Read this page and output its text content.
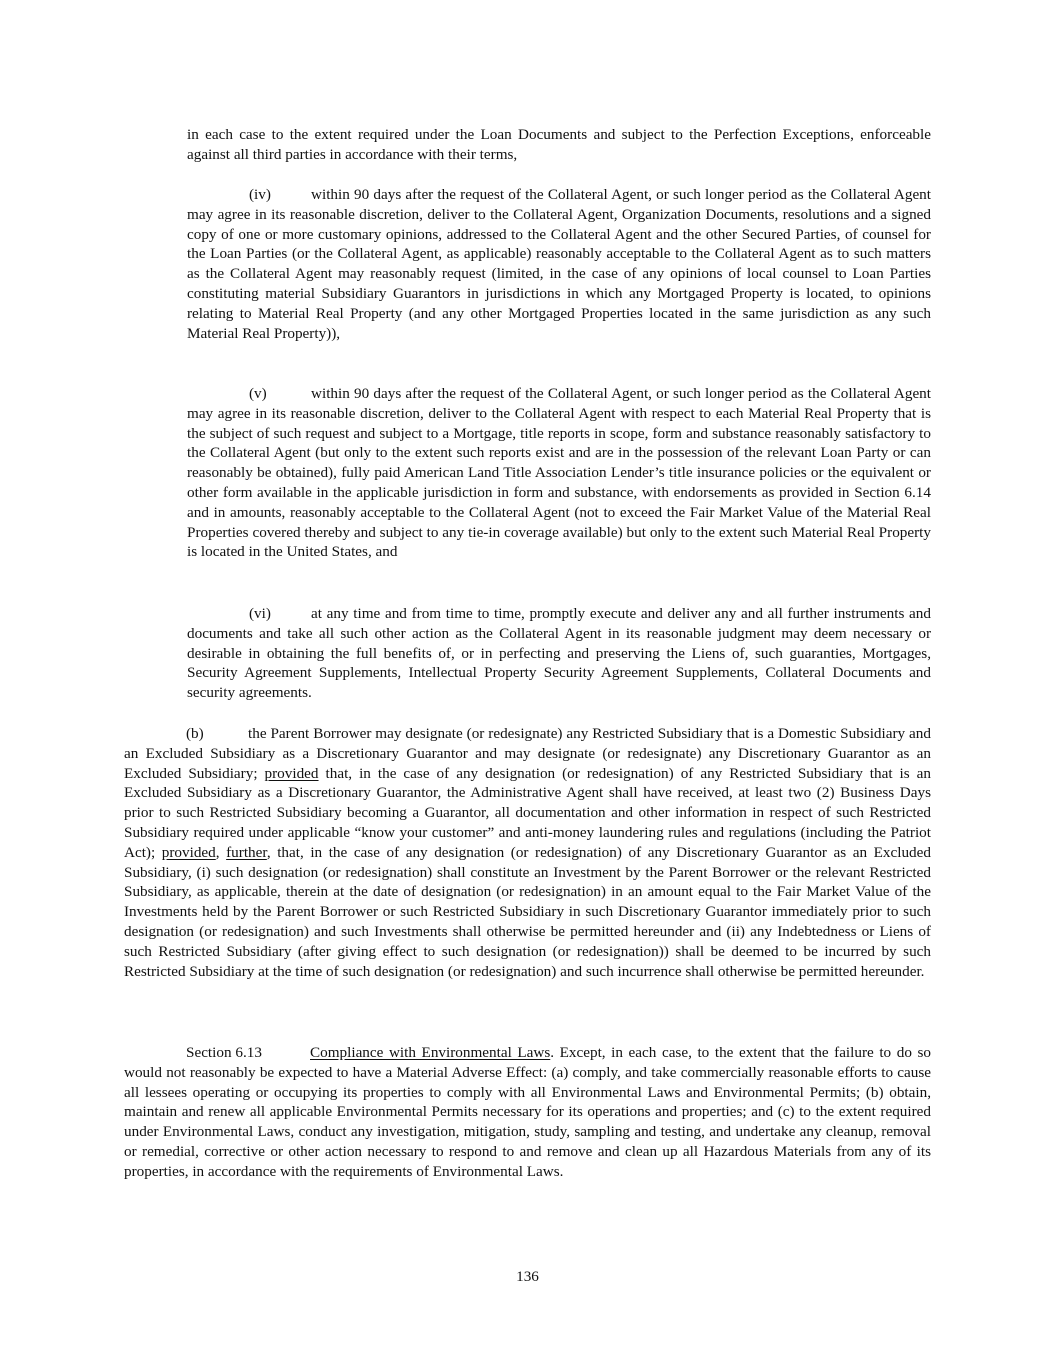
in each case to the extent required under the Loan Documents and subject to the Perfection Exceptions, enforceable against all third parties in accordance with their terms,

(iv)	within 90 days after the request of the Collateral Agent, or such longer period as the Collateral Agent may agree in its reasonable discretion, deliver to the Collateral Agent, Organization Documents, resolutions and a signed copy of one or more customary opinions, addressed to the Collateral Agent and the other Secured Parties, of counsel for the Loan Parties (or the Collateral Agent, as applicable) reasonably acceptable to the Collateral Agent as to such matters as the Collateral Agent may reasonably request (limited, in the case of any opinions of local counsel to Loan Parties constituting material Subsidiary Guarantors in jurisdictions in which any Mortgaged Property is located, to opinions relating to Material Real Property (and any other Mortgaged Properties located in the same jurisdiction as any such Material Real Property)),

(v)	within 90 days after the request of the Collateral Agent, or such longer period as the Collateral Agent may agree in its reasonable discretion, deliver to the Collateral Agent with respect to each Material Real Property that is the subject of such request and subject to a Mortgage, title reports in scope, form and substance reasonably satisfactory to the Collateral Agent (but only to the extent such reports exist and are in the possession of the relevant Loan Party or can reasonably be obtained), fully paid American Land Title Association Lender’s title insurance policies or the equivalent or other form available in the applicable jurisdiction in form and substance, with endorsements as provided in Section 6.14 and in amounts, reasonably acceptable to the Collateral Agent (not to exceed the Fair Market Value of the Material Real Properties covered thereby and subject to any tie-in coverage available) but only to the extent such Material Real Property is located in the United States, and

(vi)	at any time and from time to time, promptly execute and deliver any and all further instruments and documents and take all such other action as the Collateral Agent in its reasonable judgment may deem necessary or desirable in obtaining the full benefits of, or in perfecting and preserving the Liens of, such guaranties, Mortgages, Security Agreement Supplements, Intellectual Property Security Agreement Supplements, Collateral Documents and security agreements.

(b)	the Parent Borrower may designate (or redesignate) any Restricted Subsidiary that is a Domestic Subsidiary and an Excluded Subsidiary as a Discretionary Guarantor and may designate (or redesignate) any Discretionary Guarantor as an Excluded Subsidiary; provided that, in the case of any designation (or redesignation) of any Restricted Subsidiary that is an Excluded Subsidiary as a Discretionary Guarantor, the Administrative Agent shall have received, at least two (2) Business Days prior to such Restricted Subsidiary becoming a Guarantor, all documentation and other information in respect of such Restricted Subsidiary required under applicable “know your customer” and anti-money laundering rules and regulations (including the Patriot Act); provided, further, that, in the case of any designation (or redesignation) of any Discretionary Guarantor as an Excluded Subsidiary, (i) such designation (or redesignation) shall constitute an Investment by the Parent Borrower or the relevant Restricted Subsidiary, as applicable, therein at the date of designation (or redesignation) in an amount equal to the Fair Market Value of the Investments held by the Parent Borrower or such Restricted Subsidiary in such Discretionary Guarantor immediately prior to such designation (or redesignation) and such Investments shall otherwise be permitted hereunder and (ii) any Indebtedness or Liens of such Restricted Subsidiary (after giving effect to such designation (or redesignation)) shall be deemed to be incurred by such Restricted Subsidiary at the time of such designation (or redesignation) and such incurrence shall otherwise be permitted hereunder.

Section 6.13	Compliance with Environmental Laws. Except, in each case, to the extent that the failure to do so would not reasonably be expected to have a Material Adverse Effect: (a) comply, and take commercially reasonable efforts to cause all lessees operating or occupying its properties to comply with all Environmental Laws and Environmental Permits; (b) obtain, maintain and renew all applicable Environmental Permits necessary for its operations and properties; and (c) to the extent required under Environmental Laws, conduct any investigation, mitigation, study, sampling and testing, and undertake any cleanup, removal or remedial, corrective or other action necessary to respond to and remove and clean up all Hazardous Materials from any of its properties, in accordance with the requirements of Environmental Laws.

136
